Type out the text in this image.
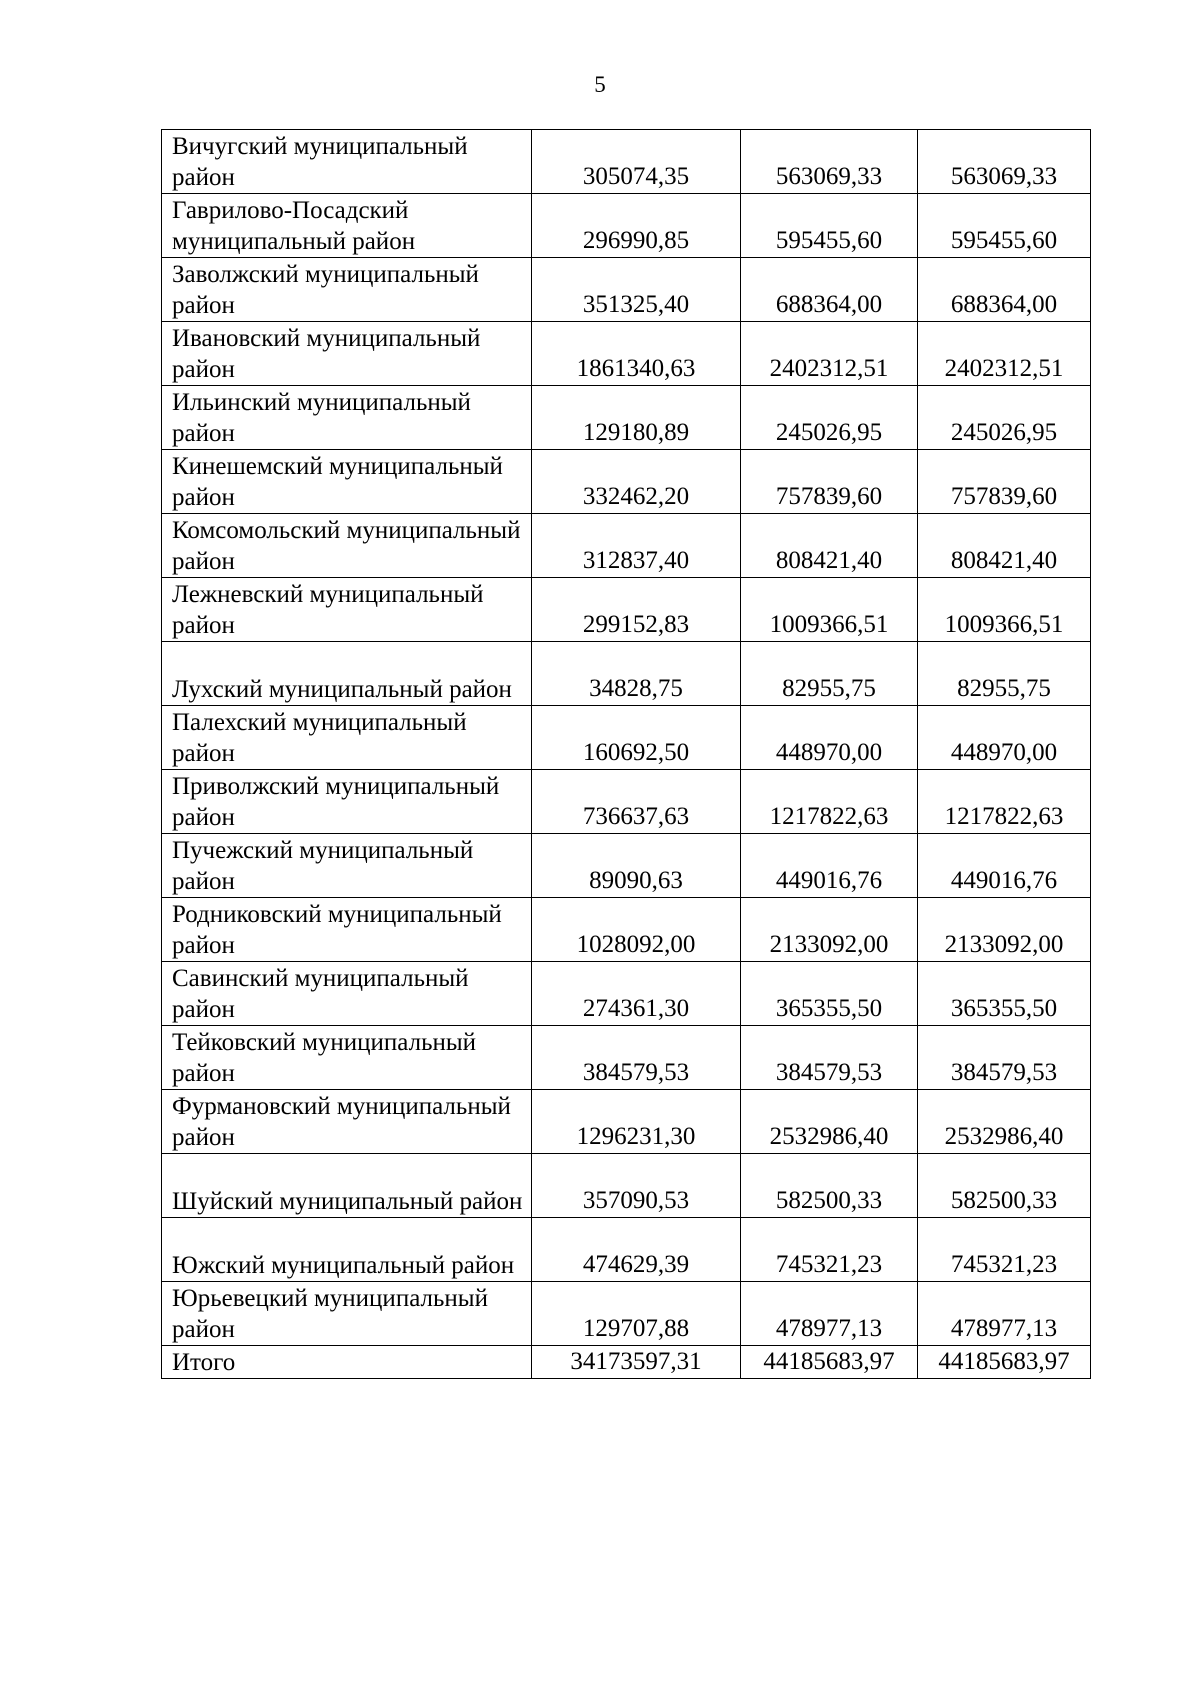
5
Вичугский муниципальный район	305074,35	563069,33	563069,33
Гаврилово-Посадский муниципальный район	296990,85	595455,60	595455,60
Заволжский муниципальный район	351325,40	688364,00	688364,00
Ивановский муниципальный район	1861340,63	2402312,51	2402312,51
Ильинский муниципальный район	129180,89	245026,95	245026,95
Кинешемский муниципальный район	332462,20	757839,60	757839,60
Комсомольский муниципальный район	312837,40	808421,40	808421,40
Лежневский муниципальный район	299152,83	1009366,51	1009366,51
Лухский муниципальный район	34828,75	82955,75	82955,75
Палехский муниципальный район	160692,50	448970,00	448970,00
Приволжский муниципальный район	736637,63	1217822,63	1217822,63
Пучежский муниципальный район	89090,63	449016,76	449016,76
Родниковский муниципальный район	1028092,00	2133092,00	2133092,00
Савинский муниципальный район	274361,30	365355,50	365355,50
Тейковский муниципальный район	384579,53	384579,53	384579,53
Фурмановский муниципальный район	1296231,30	2532986,40	2532986,40
Шуйский муниципальный район	357090,53	582500,33	582500,33
Южский муниципальный район	474629,39	745321,23	745321,23
Юрьевецкий муниципальный район	129707,88	478977,13	478977,13
Итого	34173597,31	44185683,97	44185683,97
